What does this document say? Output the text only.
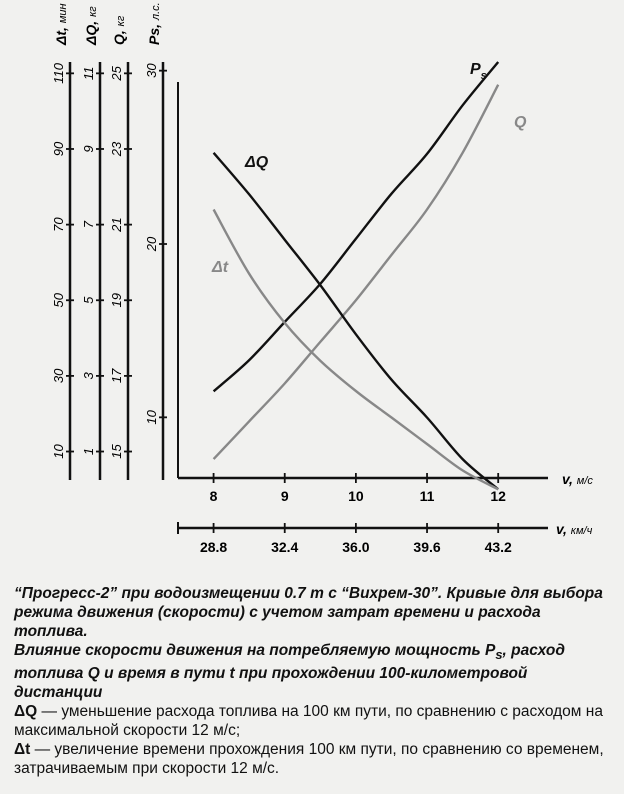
10
30
50
70
90
110
Δt, мин
1
3
5
7
9
11
ΔQ, кг
15
17
19
21
23
25
Q, кг
10
20
30
Ps, л.с.
8	9	10	11	12
v, м/с
28.8	32.4	36.0	39.6	43.2
v, км/ч
$P_s$
Q
ΔQ
Δt

“Прогресс-2” при водоизмещении 0.7 т с “Вихрем-30”. Кривые для выбора режима движения (скорости) с учетом затрат времени и расхода топлива.

Влияние скорости движения на потребляемую мощность $P_s$, расход топлива Q и время в пути t при прохождении 100-километровой дистанции

ΔQ — уменьшение расхода топлива на 100 км пути, по сравнению с расходом на максимальной скорости 12 м/с;

Δt — увеличение времени прохождения 100 км пути, по сравнению со временем, затрачиваемым при скорости 12 м/с.
